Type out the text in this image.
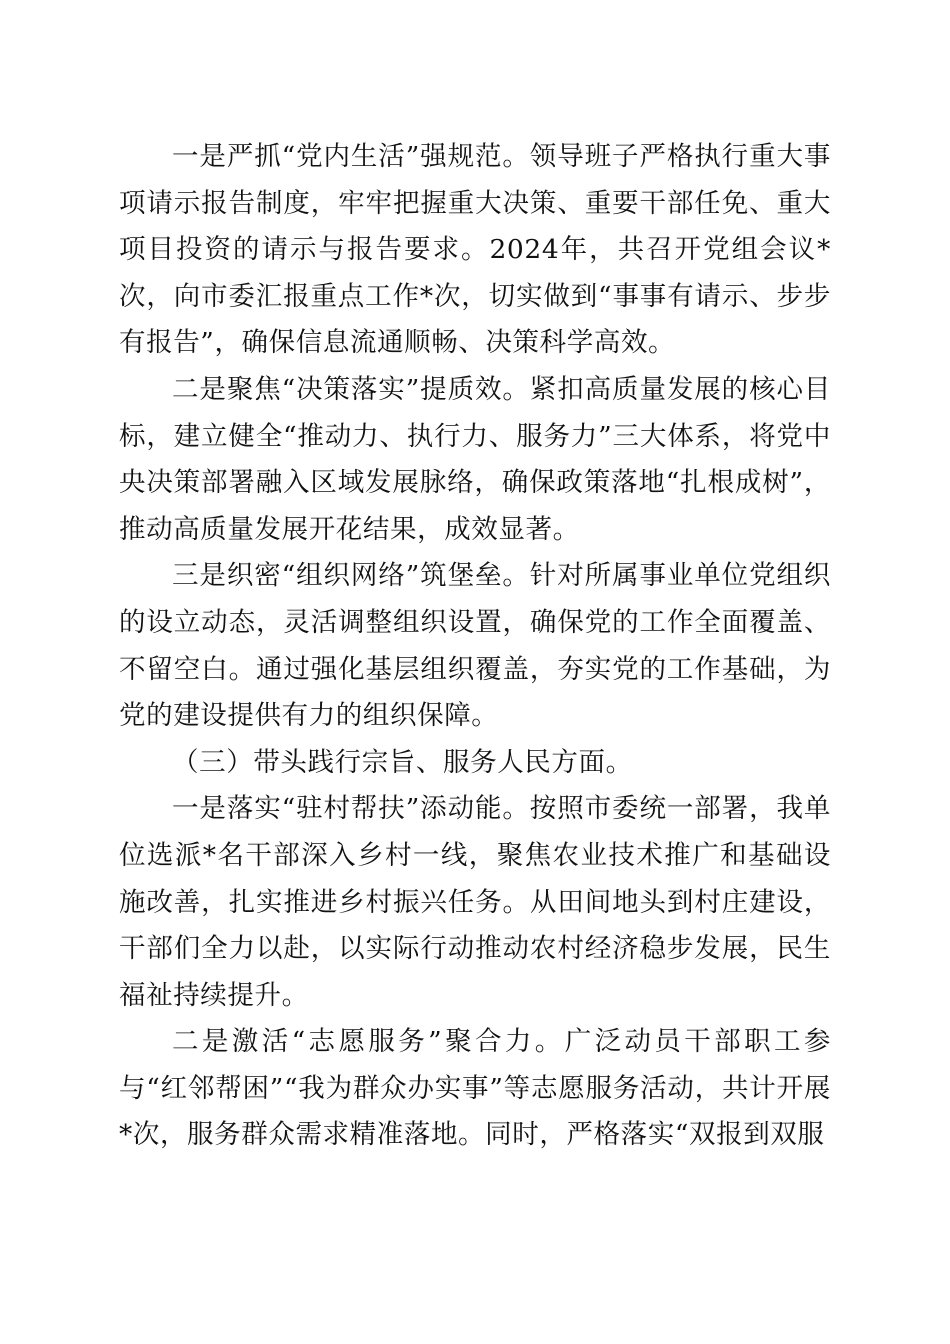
一是严抓“党内生活”强规范。领导班子严格执行重大事项请示报告制度，牢牢把握重大决策、重要干部任免、重大项目投资的请示与报告要求。2024年，共召开党组会议*次，向市委汇报重点工作*次，切实做到“事事有请示、步步有报告”，确保信息流通顺畅、决策科学高效。

二是聚焦“决策落实”提质效。紧扣高质量发展的核心目标，建立健全“推动力、执行力、服务力”三大体系，将党中央决策部署融入区域发展脉络，确保政策落地“扎根成树”，推动高质量发展开花结果，成效显著。

三是织密“组织网络”筑堡垒。针对所属事业单位党组织的设立动态，灵活调整组织设置，确保党的工作全面覆盖、不留空白。通过强化基层组织覆盖，夯实党的工作基础，为党的建设提供有力的组织保障。

（三）带头践行宗旨、服务人民方面。

一是落实“驻村帮扶”添动能。按照市委统一部署，我单位选派*名干部深入乡村一线，聚焦农业技术推广和基础设施改善，扎实推进乡村振兴任务。从田间地头到村庄建设，干部们全力以赴，以实际行动推动农村经济稳步发展，民生福祉持续提升。

二是激活“志愿服务”聚合力。广泛动员干部职工参与“红邻帮困”“我为群众办实事”等志愿服务活动，共计开展*次，服务群众需求精准落地。同时，严格落实“双报到双服
